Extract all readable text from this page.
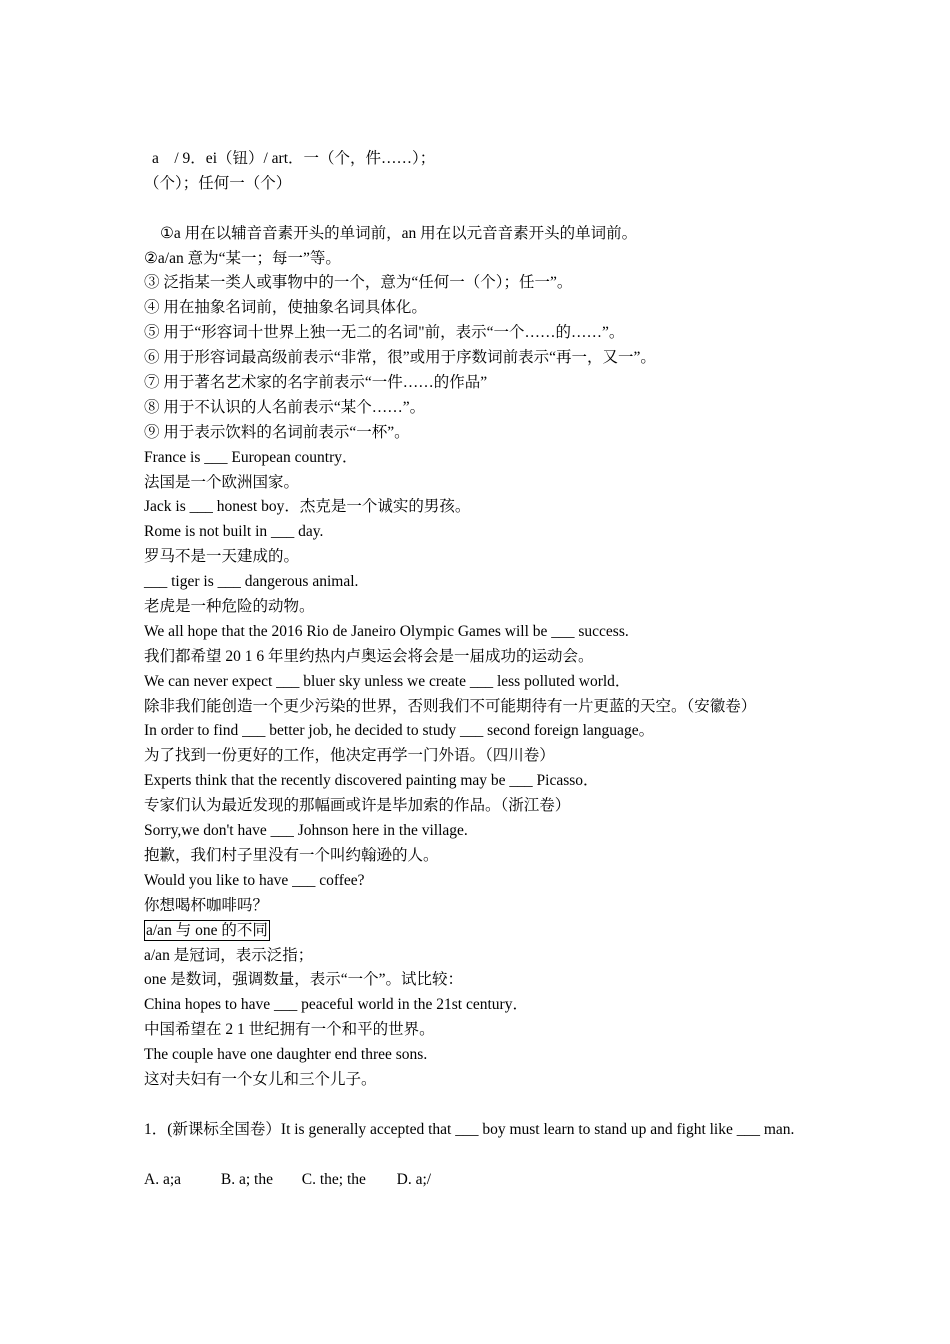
a　/ 9．ei（钮）/ art．一（个，件……）；
（个）；任何一（个）
①a 用在以辅音音素开头的单词前，an 用在以元音音素开头的单词前。
②a/an 意为“某一；每一”等。
③ 泛指某一类人或事物中的一个，意为“任何一（个）；任一”。
④ 用在抽象名词前，使抽象名词具体化。
⑤ 用于“形容词十世界上独一无二的名词"前，表示“一个……的……”。
⑥ 用于形容词最高级前表示“非常，很”或用于序数词前表示“再一，又一”。
⑦ 用于著名艺术家的名字前表示“一件……的作品”
⑧ 用于不认识的人名前表示“某个……”。
⑨ 用于表示饮料的名词前表示“一杯”。
France is ___ European country．
法国是一个欧洲国家。
Jack is ___ honest boy．杰克是一个诚实的男孩。
Rome is not built in ___ day.
罗马不是一天建成的。
___ tiger is ___ dangerous animal.
老虎是一种危险的动物。
We all hope that the 2016 Rio de Janeiro Olympic Games will be ___ success.
我们都希望 20 1 6 年里约热内卢奥运会将会是一届成功的运动会。
We can never expect ___ bluer sky unless we create ___ less polluted world．
除非我们能创造一个更少污染的世界，否则我们不可能期待有一片更蓝的天空。（安徽卷）
In order to find ___ better job, he decided to study ___ second foreign language。
为了找到一份更好的工作，他决定再学一门外语。（四川卷）
Experts think that the recently discovered painting may be ___ Picasso．
专家们认为最近发现的那幅画或许是毕加索的作品。（浙江卷）
Sorry,we don't have ___ Johnson here in the village.
抱歉，我们村子里没有一个叫约翰逊的人。
Would you like to have ___ coffee?
你想喝杯咖啡吗？
a/an 与 one 的不同
a/an 是冠词，表示泛指；
one 是数词，强调数量，表示“一个”。试比较：
China hopes to have ___ peaceful world in the 21st century．
中国希望在 2 1 世纪拥有一个和平的世界。
The couple have one daughter end three sons.
这对夫妇有一个女儿和三个儿子。
1．(新课标全国卷）It is generally accepted that ___ boy must learn to stand up and fight like ___ man.
A. a;a	B. a; the C. the; the D. a;/
